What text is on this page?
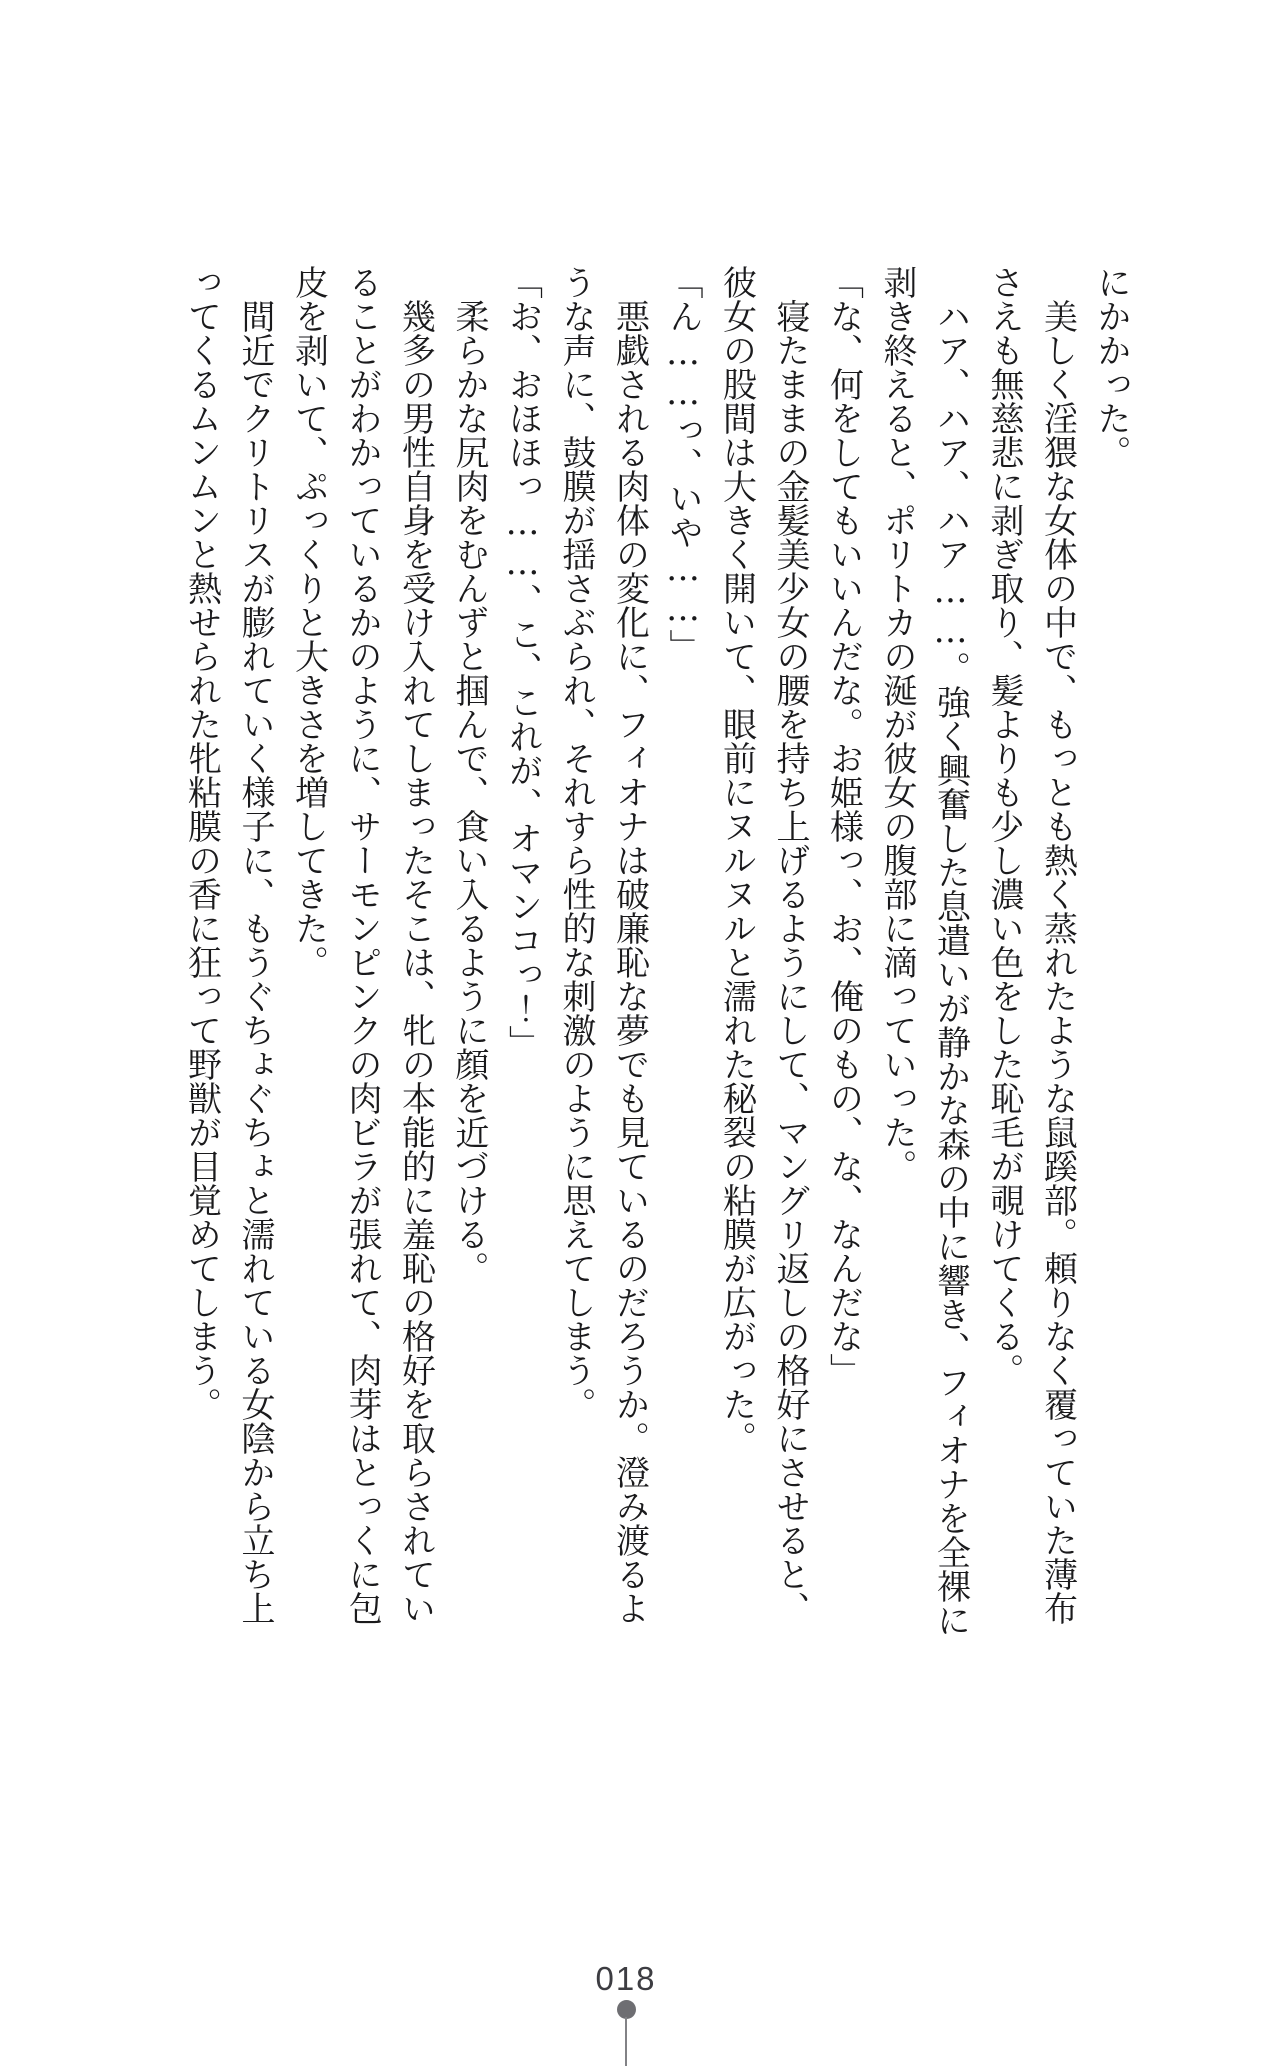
にかかった。

美しく淫猥な女体の中で、もっとも熱く蒸れたような鼠蹊部。頼りなく覆っていた薄布

さえも無慈悲に剥ぎ取り、髪よりも少し濃い色をした恥毛が覗けてくる。

ハア、ハア、ハア……。強く興奮した息遣いが静かな森の中に響き、フィオナを全裸に

剥き終えると、ポリトカの涎が彼女の腹部に滴っていった。

「な、何をしてもいいんだな。お姫様っ、お、俺のもの、な、なんだな」

寝たままの金髪美少女の腰を持ち上げるようにして、マングリ返しの格好にさせると、

彼女の股間は大きく開いて、眼前にヌルヌルと濡れた秘裂の粘膜が広がった。

「ん……っ、いや……」

悪戯される肉体の変化に、フィオナは破廉恥な夢でも見ているのだろうか。澄み渡るよ

うな声に、鼓膜が揺さぶられ、それすら性的な刺激のように思えてしまう。

「お、おほほっ……、こ、これが、オマンコっ！」

柔らかな尻肉をむんずと掴んで、食い入るように顔を近づける。

幾多の男性自身を受け入れてしまったそこは、牝の本能的に羞恥の格好を取らされてい

ることがわかっているかのように、サーモンピンクの肉ビラが張れて、肉芽はとっくに包

皮を剥いて、ぷっくりと大きさを増してきた。

間近でクリトリスが膨れていく様子に、もうぐちょぐちょと濡れている女陰から立ち上

ってくるムンムンと熱せられた牝粘膜の香に狂って野獣が目覚めてしまう。

018
